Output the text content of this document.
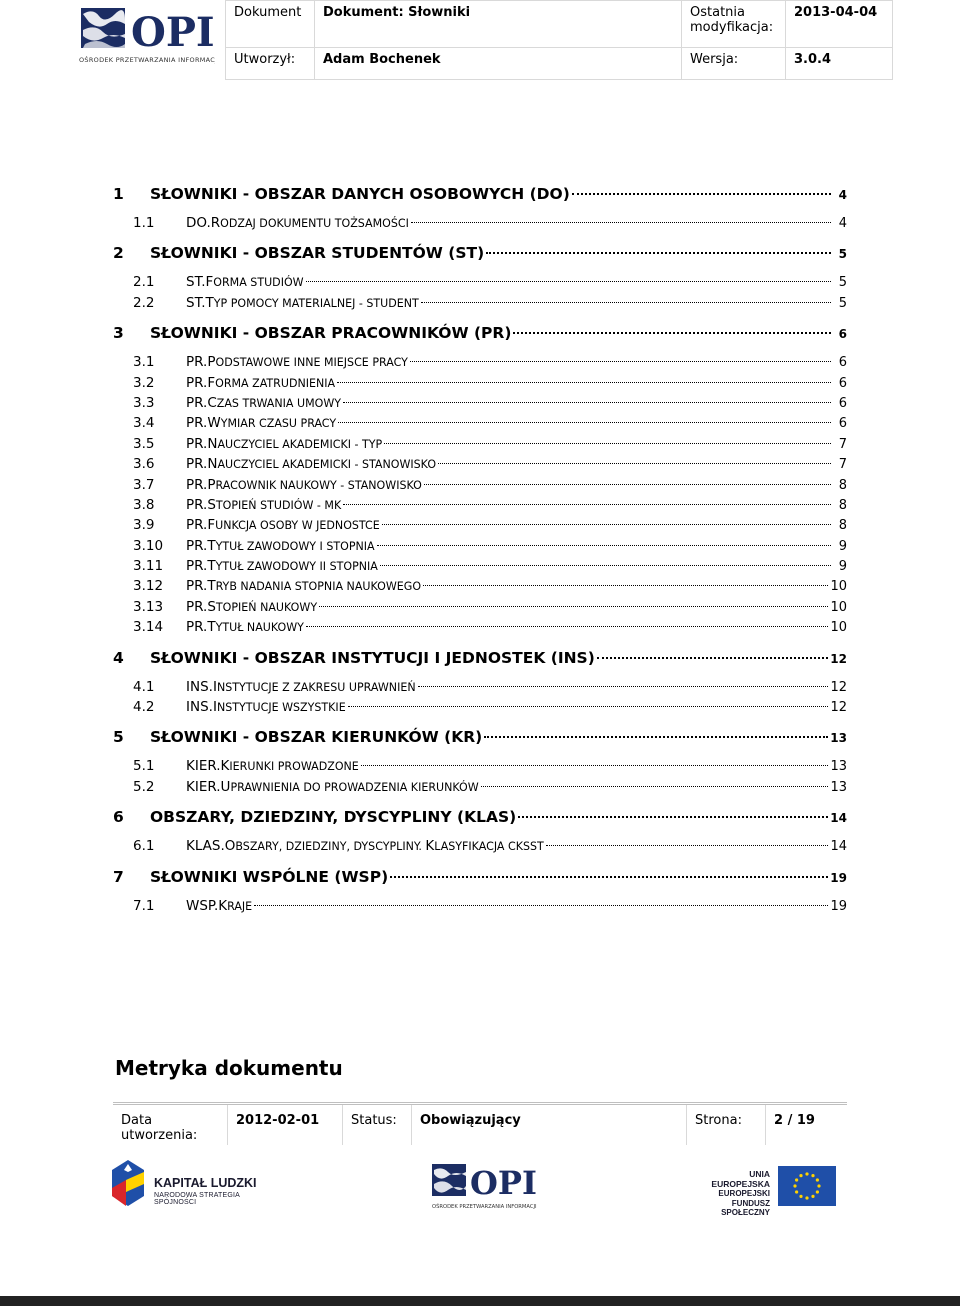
OPI
OŚRODEK PRZETWARZANIA INFORMACJI
Dokument	Dokument: Słowniki	Ostatnia modyfikacja:	2013-04-04
Utworzył:	Adam Bochenek	Wersja:	3.0.4
1	SŁOWNIKI - OBSZAR DANYCH OSOBOWYCH (DO)	4
1.1	DO.RODZAJ DOKUMENTU TOŻSAMOŚCI	4
2	SŁOWNIKI - OBSZAR STUDENTÓW (ST)	5
2.1	ST.FORMA STUDIÓW	5
2.2	ST.TYP POMOCY MATERIALNEJ - STUDENT	5
3	SŁOWNIKI - OBSZAR PRACOWNIKÓW (PR)	6
3.1	PR.PODSTAWOWE INNE MIEJSCE PRACY	6
3.2	PR.FORMA ZATRUDNIENIA	6
3.3	PR.CZAS TRWANIA UMOWY	6
3.4	PR.WYMIAR CZASU PRACY	6
3.5	PR.NAUCZYCIEL AKADEMICKI - TYP	7
3.6	PR.NAUCZYCIEL AKADEMICKI - STANOWISKO	7
3.7	PR.PRACOWNIK NAUKOWY - STANOWISKO	8
3.8	PR.STOPIEŃ STUDIÓW - MK	8
3.9	PR.FUNKCJA OSOBY W JEDNOSTCE	8
3.10	PR.TYTUŁ ZAWODOWY I STOPNIA	9
3.11	PR.TYTUŁ ZAWODOWY II STOPNIA	9
3.12	PR.TRYB NADANIA STOPNIA NAUKOWEGO	10
3.13	PR.STOPIEŃ NAUKOWY	10
3.14	PR.TYTUŁ NAUKOWY	10
4	SŁOWNIKI - OBSZAR INSTYTUCJI I JEDNOSTEK (INS)	12
4.1	INS.INSTYTUCJE Z ZAKRESU UPRAWNIEŃ	12
4.2	INS.INSTYTUCJE WSZYSTKIE	12
5	SŁOWNIKI - OBSZAR KIERUNKÓW (KR)	13
5.1	KIER.KIERUNKI PROWADZONE	13
5.2	KIER.UPRAWNIENIA DO PROWADZENIA KIERUNKÓW	13
6	OBSZARY, DZIEDZINY, DYSCYPLINY (KLAS)	14
6.1	KLAS.OBSZARY, DZIEDZINY, DYSCYPLINY. KLASYFIKACJA CKSST	14
7	SŁOWNIKI WSPÓLNE (WSP)	19
7.1	WSP.KRAJE	19
Metryka dokumentu
Data utworzenia:	2012-02-01	Status:	Obowiązujący	Strona:	2 / 19
KAPITAŁ LUDZKI
NARODOWA STRATEGIA SPÓJNOŚCI
OPI
OŚRODEK PRZETWARZANIA INFORMACJI
UNIA EUROPEJSKA
EUROPEJSKI
FUNDUSZ SPOŁECZNY
